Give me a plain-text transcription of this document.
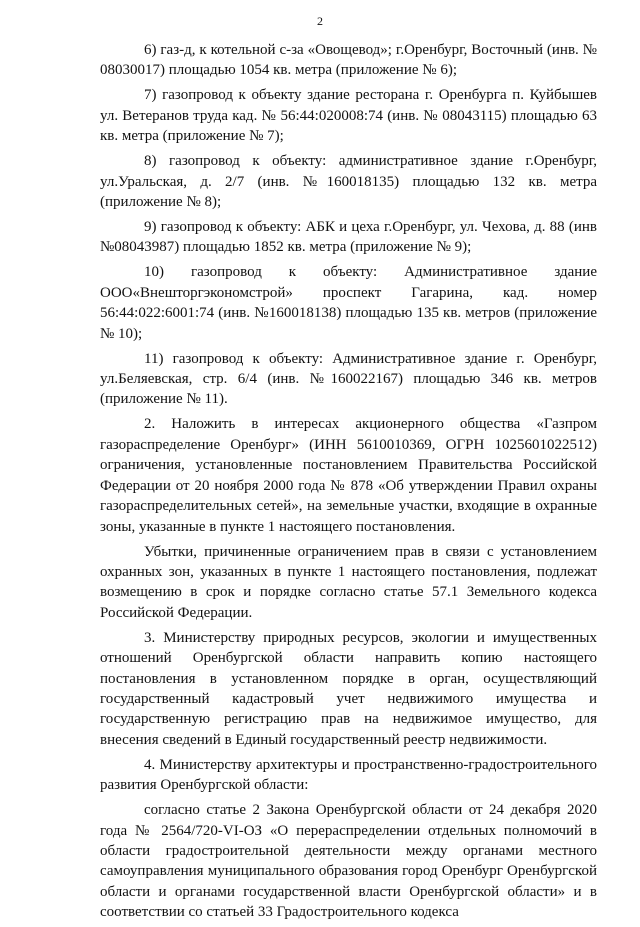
2

6) газ-д, к котельной с-за «Овощевод»; г.Оренбург, Восточный (инв. № 08030017) площадью 1054 кв. метра (приложение № 6);

7) газопровод к объекту здание ресторана г. Оренбурга п. Куйбышев ул. Ветеранов труда кад. № 56:44:020008:74 (инв. № 08043115) площадью 63 кв. метра (приложение № 7);

8) газопровод к объекту: административное здание г.Оренбург, ул.Уральская, д. 2/7 (инв. №160018135) площадью 132 кв. метра (приложение № 8);

9) газопровод к объекту: АБК и цеха г.Оренбург, ул. Чехова, д. 88 (инв №08043987) площадью 1852 кв. метра (приложение № 9);

10) газопровод к объекту: Административное здание ООО«Внешторгэкономстрой» проспект Гагарина, кад. номер 56:44:022:6001:74 (инв. №160018138) площадью 135 кв. метров (приложение № 10);

11) газопровод к объекту: Административное здание г. Оренбург, ул.Беляевская, стр. 6/4 (инв. №160022167) площадью 346 кв. метров (приложение № 11).

2. Наложить в интересах акционерного общества «Газпром газораспределение Оренбург» (ИНН 5610010369, ОГРН 1025601022512) ограничения, установленные постановлением Правительства Российской Федерации от 20 ноября 2000 года № 878 «Об утверждении Правил охраны газораспределительных сетей», на земельные участки, входящие в охранные зоны, указанные в пункте 1 настоящего постановления.

Убытки, причиненные ограничением прав в связи с установлением охранных зон, указанных в пункте 1 настоящего постановления, подлежат возмещению в срок и порядке согласно статье 57.1 Земельного кодекса Российской Федерации.

3. Министерству природных ресурсов, экологии и имущественных отношений Оренбургской области направить копию настоящего постановления в установленном порядке в орган, осуществляющий государственный кадастровый учет недвижимого имущества и государственную регистрацию прав на недвижимое имущество, для внесения сведений в Единый государственный реестр недвижимости.

4. Министерству архитектуры и пространственно-градостроительного развития Оренбургской области:

согласно статье 2 Закона Оренбургской области от 24 декабря 2020 года № 2564/720-VI-ОЗ «О перераспределении отдельных полномочий в области градостроительной деятельности между органами местного самоуправления муниципального образования город Оренбург Оренбургской области и органами государственной власти Оренбургской области» и в соответствии со статьей 33 Градостроительного кодекса
